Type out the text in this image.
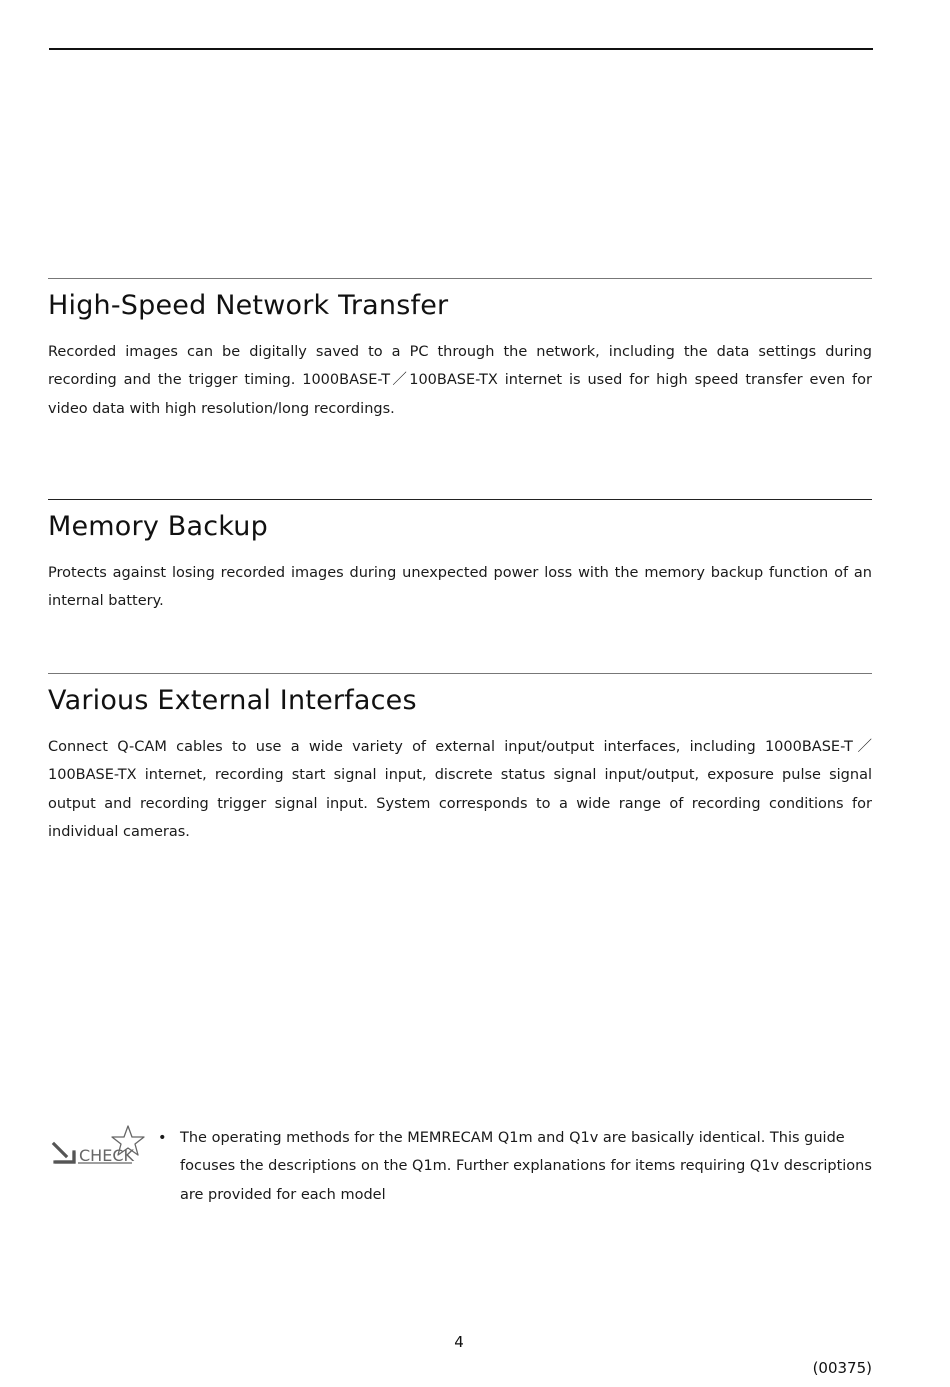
High-Speed Network Transfer

Recorded images can be digitally saved to a PC through the network, including the data settings during recording and the trigger timing. 1000BASE-T／100BASE-TX internet is used for high speed transfer even for video data with high resolution/long recordings.

Memory Backup

Protects against losing recorded images during unexpected power loss with the memory backup function of an internal battery.

Various External Interfaces

Connect Q-CAM cables to use a wide variety of external input/output interfaces, including 1000BASE-T／100BASE-TX internet, recording start signal input, discrete status signal input/output, exposure pulse signal output and recording trigger signal input. System corresponds to a wide range of recording conditions for individual cameras.

CHECK
• The operating methods for the MEMRECAM Q1m and Q1v are basically identical. This guide focuses the descriptions on the Q1m. Further explanations for items requiring Q1v descriptions are provided for each model
4
(00375)
